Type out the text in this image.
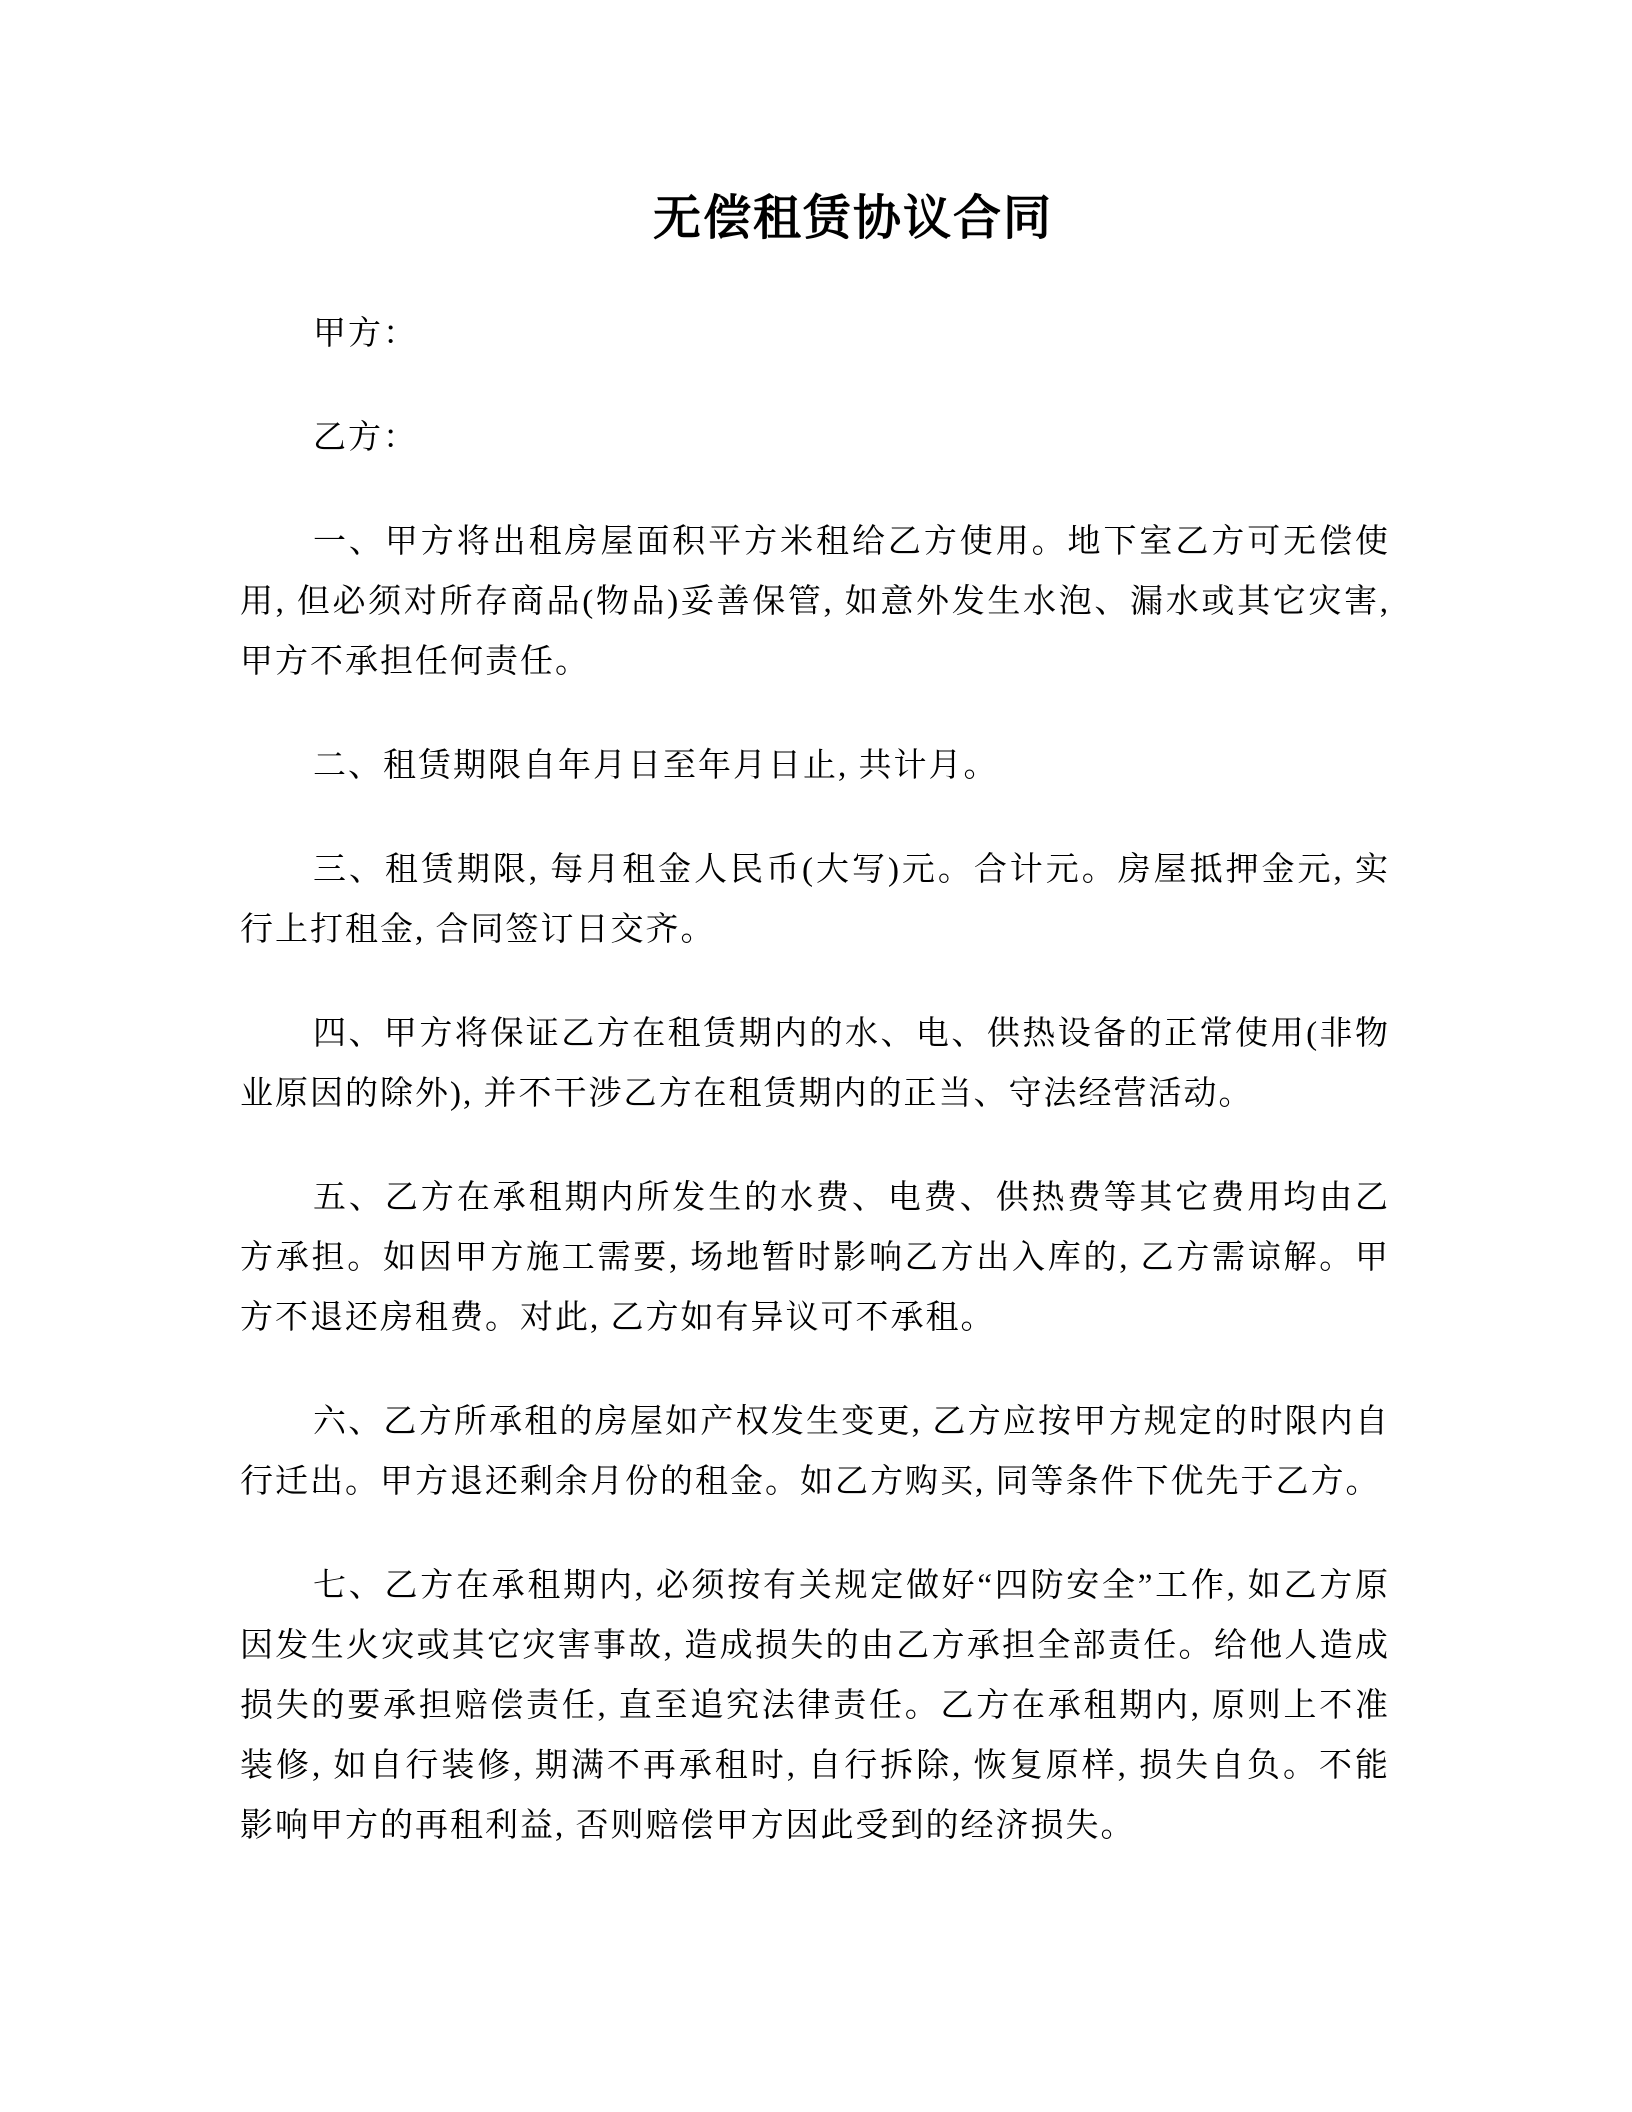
无偿租赁协议合同

甲方：

乙方：

一、甲方将出租房屋面积平方米租给乙方使用。地下室乙方可无偿使用, 但必须对所存商品(物品)妥善保管, 如意外发生水泡、漏水或其它灾害, 甲方不承担任何责任。

二、租赁期限自年月日至年月日止, 共计月。

三、租赁期限, 每月租金人民币(大写)元。合计元。房屋抵押金元, 实行上打租金, 合同签订日交齐。

四、甲方将保证乙方在租赁期内的水、电、供热设备的正常使用(非物业原因的除外), 并不干涉乙方在租赁期内的正当、守法经营活动。

五、乙方在承租期内所发生的水费、电费、供热费等其它费用均由乙方承担。如因甲方施工需要, 场地暂时影响乙方出入库的, 乙方需谅解。甲方不退还房租费。对此, 乙方如有异议可不承租。

六、乙方所承租的房屋如产权发生变更, 乙方应按甲方规定的时限内自行迁出。甲方退还剩余月份的租金。如乙方购买, 同等条件下优先于乙方。

七、乙方在承租期内, 必须按有关规定做好“四防安全”工作, 如乙方原因发生火灾或其它灾害事故, 造成损失的由乙方承担全部责任。给他人造成损失的要承担赔偿责任, 直至追究法律责任。乙方在承租期内, 原则上不准装修, 如自行装修, 期满不再承租时, 自行拆除, 恢复原样, 损失自负。不能影响甲方的再租利益, 否则赔偿甲方因此受到的经济损失。
